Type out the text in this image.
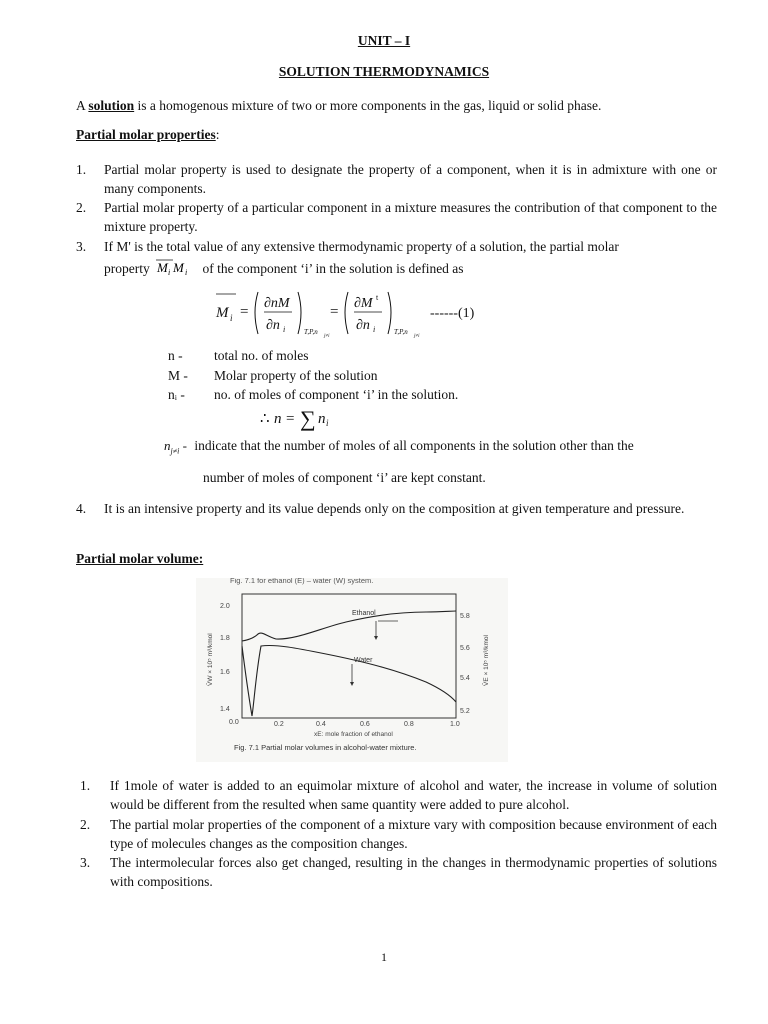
UNIT – I
SOLUTION THERMODYNAMICS
A solution is a homogenous mixture of two or more components in the gas, liquid or solid phase.
Partial molar properties:
1.	Partial molar property is used to designate the property of a component, when it is in admixture with one or many components.
2.	Partial molar property of a particular component in a mixture measures the contribution of that component to the mixture property.
3.	If M' is the total value of any extensive thermodynamic property of a solution, the partial molar
property M i M i of the component ‘i’ in the solution is defined as
M i =
∂nM
∂n i	T,P,n
j≠i
=
∂M t
∂n i	T,P,n
j≠i
------(1)
n - total no. of moles
M - Molar property of the solution
nᵢ - no. of moles of component ‘i’ in the solution.
∴ n = ∑ n i
$n_{j\ne i}$ - indicate that the number of moles of all components in the solution other than the
number of moles of component ‘i’ are kept constant.
4.	It is an intensive property and its value depends only on the composition at given temperature and pressure.
Partial molar volume:
Fig. 7.1 for ethanol (E) – water (W) system.
1.4
1.6
1.8
2.0
5.2
5.4
5.6
5.8
0.0	0.2	0.4	0.6	0.8	1.0
xE: mole fraction of ethanol
V̄W × 10⁵ m³/kmol	V̄E × 10⁵ m³/kmol
Ethanol
Water
Fig. 7.1 Partial molar volumes in alcohol-water mixture.
1.	If 1mole of water is added to an equimolar mixture of alcohol and water, the increase in volume of solution would be different from the resulted when same quantity were added to pure alcohol.
2.	The partial molar properties of the component of a mixture vary with composition because environment of each type of molecules changes as the composition changes.
3.	The intermolecular forces also get changed, resulting in the changes in thermodynamic properties of solutions with compositions.
1
